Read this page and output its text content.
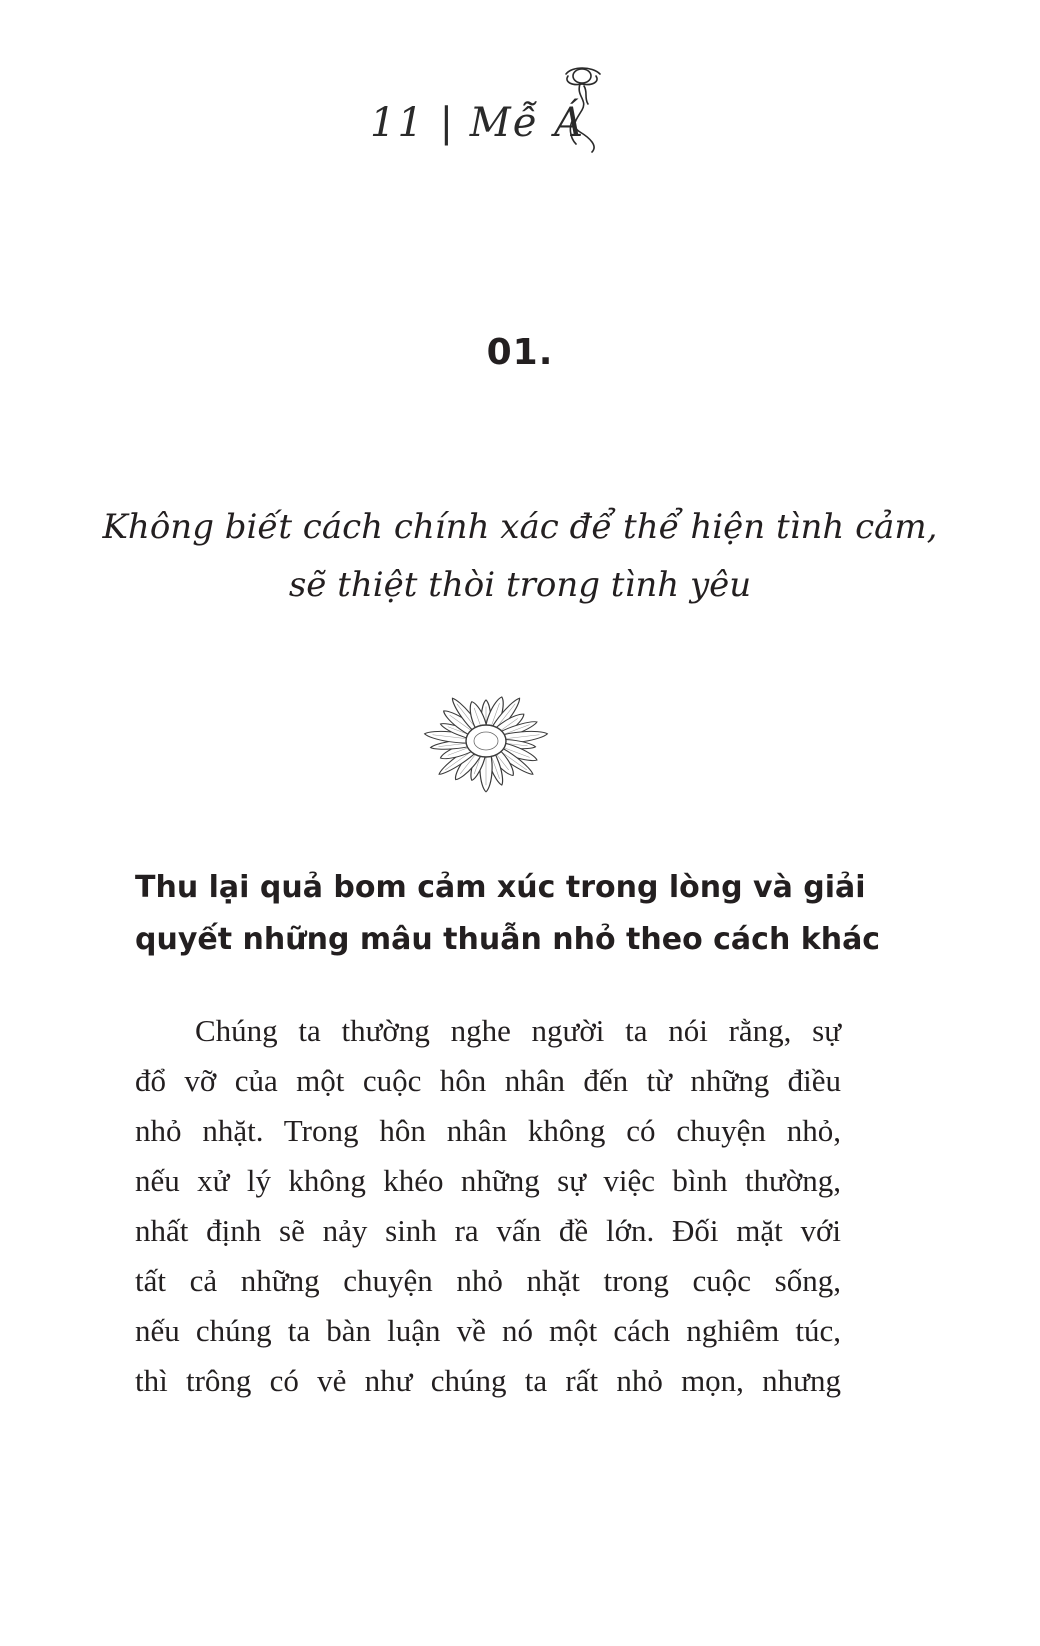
11 | Mễ Á
01.
Không biết cách chính xác để thể hiện tình cảm,
sẽ thiệt thòi trong tình yêu
Thu lại quả bom cảm xúc trong lòng và giải
quyết những mâu thuẫn nhỏ theo cách khác
Chúng ta thường nghe người ta nói rằng, sự
đổ vỡ của một cuộc hôn nhân đến từ những điều
nhỏ nhặt. Trong hôn nhân không có chuyện nhỏ,
nếu xử lý không khéo những sự việc bình thường,
nhất định sẽ nảy sinh ra vấn đề lớn. Đối mặt với
tất cả những chuyện nhỏ nhặt trong cuộc sống,
nếu chúng ta bàn luận về nó một cách nghiêm túc,
thì trông có vẻ như chúng ta rất nhỏ mọn, nhưng
